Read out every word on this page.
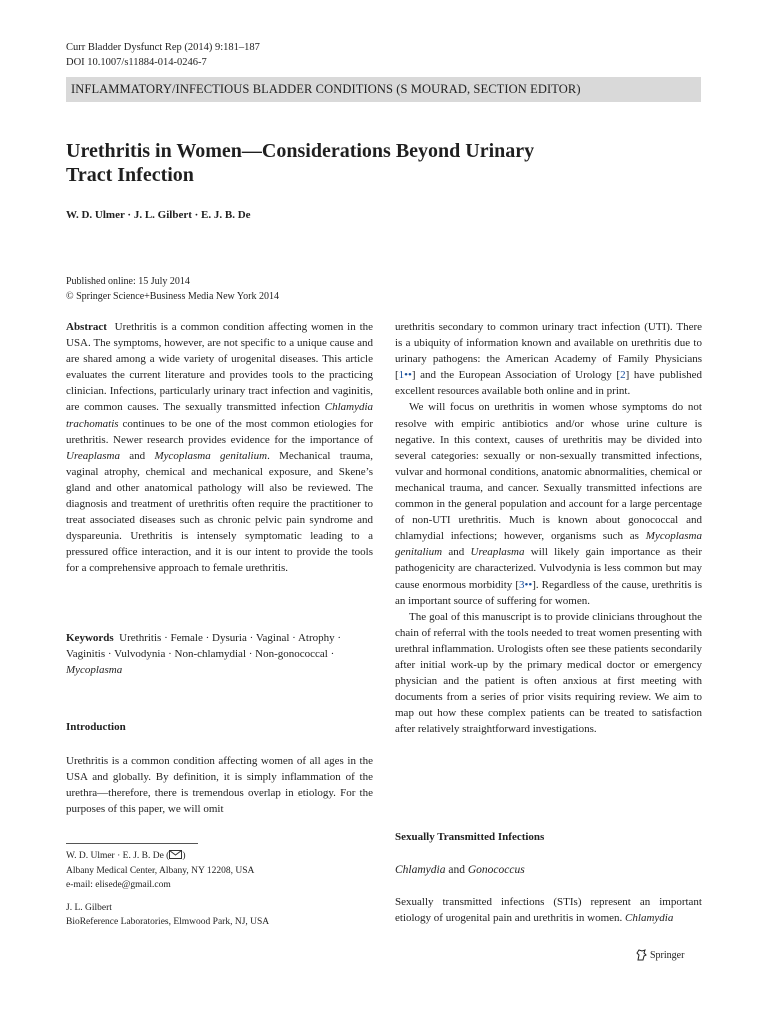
Curr Bladder Dysfunct Rep (2014) 9:181–187
DOI 10.1007/s11884-014-0246-7
INFLAMMATORY/INFECTIOUS BLADDER CONDITIONS (S MOURAD, SECTION EDITOR)
Urethritis in Women—Considerations Beyond Urinary
Tract Infection
W. D. Ulmer · J. L. Gilbert · E. J. B. De
Published online: 15 July 2014
© Springer Science+Business Media New York 2014

Abstract Urethritis is a common condition affecting women in the USA. The symptoms, however, are not specific to a unique cause and are shared among a wide variety of urogenital diseases. This article evaluates the current literature and provides tools to the practicing clinician. Infections, particularly urinary tract infection and vaginitis, are common causes. The sexually transmitted infection Chlamydia trachomatis continues to be one of the most common etiologies for urethritis. Newer research provides evidence for the importance of Ureaplasma and Mycoplasma genitalium. Mechanical trauma, vaginal atrophy, chemical and mechanical exposure, and Skene’s gland and other anatomical pathology will also be reviewed. The diagnosis and treatment of urethritis often require the practitioner to treat associated diseases such as chronic pelvic pain syndrome and dyspareunia. Urethritis is intensely symptomatic leading to a pressured office interaction, and it is our intent to provide the tools for a comprehensive approach to female urethritis.

Keywords Urethritis · Female · Dysuria · Vaginal · Atrophy · Vaginitis · Vulvodynia · Non-chlamydial · Non-gonococcal · Mycoplasma

Introduction

Urethritis is a common condition affecting women of all ages in the USA and globally. By definition, it is simply inflammation of the urethra—therefore, there is tremendous overlap in etiology. For the purposes of this paper, we will omit

W. D. Ulmer · E. J. B. De ( )
Albany Medical Center, Albany, NY 12208, USA
e-mail: elisede@gmail.com
J. L. Gilbert
BioReference Laboratories, Elmwood Park, NJ, USA

urethritis secondary to common urinary tract infection (UTI). There is a ubiquity of information known and available on urethritis due to urinary pathogens: the American Academy of Family Physicians [1••] and the European Association of Urology [2] have published excellent resources available both online and in print.

We will focus on urethritis in women whose symptoms do not resolve with empiric antibiotics and/or whose urine culture is negative. In this context, causes of urethritis may be divided into several categories: sexually or non-sexually transmitted infections, vulvar and hormonal conditions, anatomic abnormalities, chemical or mechanical trauma, and cancer. Sexually transmitted infections are common in the general population and account for a large percentage of non-UTI urethritis. Much is known about gonococcal and chlamydial infections; however, organisms such as Mycoplasma genitalium and Ureaplasma will likely gain importance as their pathogenicity are characterized. Vulvodynia is less common but may cause enormous morbidity [3••]. Regardless of the cause, urethritis is an important source of suffering for women.

The goal of this manuscript is to provide clinicians throughout the chain of referral with the tools needed to treat women presenting with urethral inflammation. Urologists often see these patients secondarily after initial work-up by the primary medical doctor or emergency physician and the patient is often anxious at first meeting with documents from a series of prior visits requiring review. We aim to map out how these complex patients can be treated to satisfaction after relatively straightforward investigations.

Sexually Transmitted Infections
Chlamydia and Gonococcus

Sexually transmitted infections (STIs) represent an important etiology of urogenital pain and urethritis in women. Chlamydia

Springer
